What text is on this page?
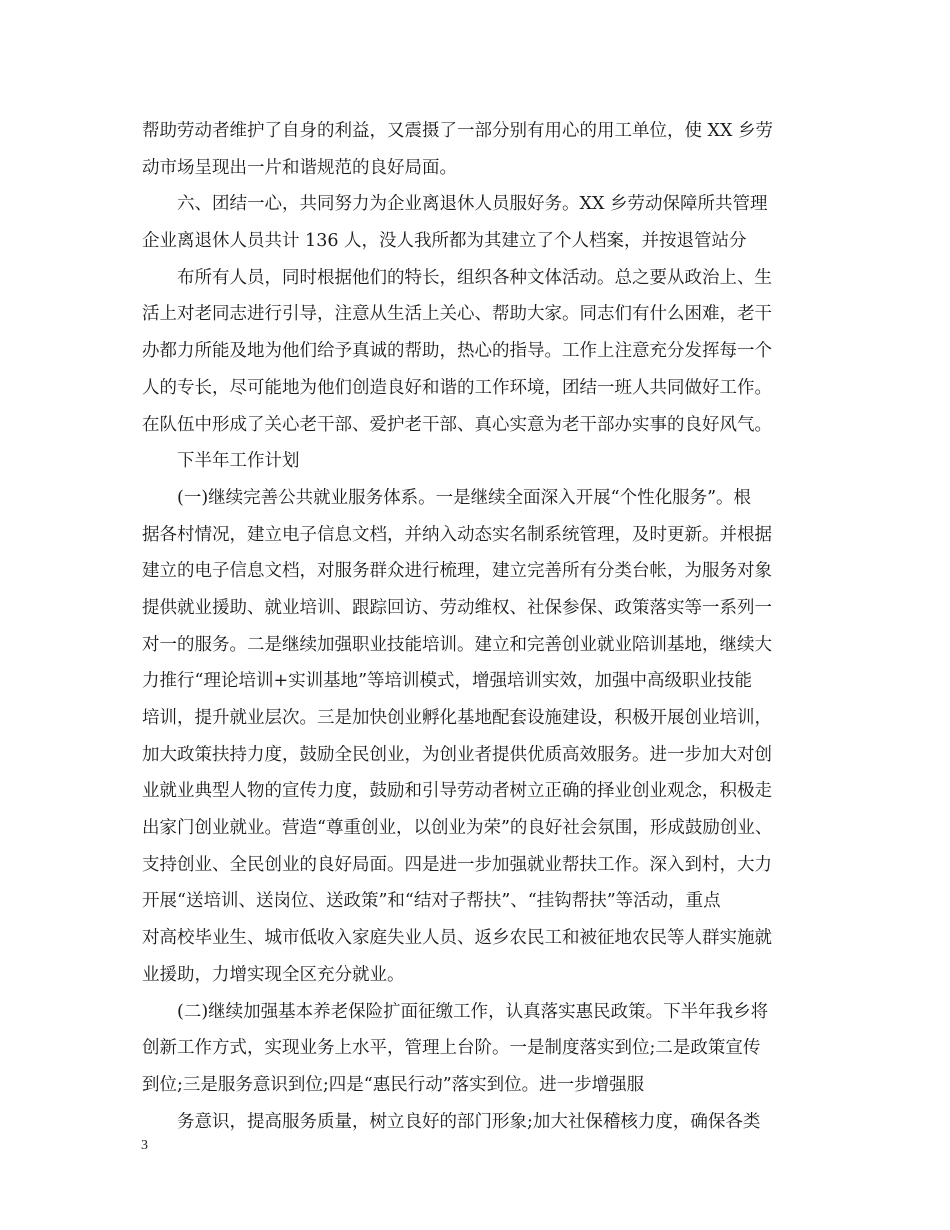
帮助劳动者维护了自身的利益，又震摄了一部分别有用心的用工单位，使 XX 乡劳
动市场呈现出一片和谐规范的良好局面。
六、团结一心，共同努力为企业离退休人员服好务。XX 乡劳动保障所共管理
企业离退休人员共计 136 人，没人我所都为其建立了个人档案，并按退管站分
布所有人员，同时根据他们的特长，组织各种文体活动。总之要从政治上、生
活上对老同志进行引导，注意从生活上关心、帮助大家。同志们有什么困难，老干
办都力所能及地为他们给予真诚的帮助，热心的指导。工作上注意充分发挥每一个
人的专长，尽可能地为他们创造良好和谐的工作环境，团结一班人共同做好工作。
在队伍中形成了关心老干部、爱护老干部、真心实意为老干部办实事的良好风气。
下半年工作计划
(一)继续完善公共就业服务体系。一是继续全面深入开展“个性化服务”。根
据各村情况，建立电子信息文档，并纳入动态实名制系统管理，及时更新。并根据
建立的电子信息文档，对服务群众进行梳理，建立完善所有分类台帐，为服务对象
提供就业援助、就业培训、跟踪回访、劳动维权、社保参保、政策落实等一系列一
对一的服务。二是继续加强职业技能培训。建立和完善创业就业陪训基地，继续大
力推行“理论培训+实训基地”等培训模式，增强培训实效，加强中高级职业技能
培训，提升就业层次。三是加快创业孵化基地配套设施建设，积极开展创业培训，
加大政策扶持力度，鼓励全民创业，为创业者提供优质高效服务。进一步加大对创
业就业典型人物的宣传力度，鼓励和引导劳动者树立正确的择业创业观念，积极走
出家门创业就业。营造“尊重创业，以创业为荣”的良好社会氛围，形成鼓励创业、
支持创业、全民创业的良好局面。四是进一步加强就业帮扶工作。深入到村，大力
开展“送培训、送岗位、送政策”和“结对子帮扶”、“挂钩帮扶”等活动，重点
对高校毕业生、城市低收入家庭失业人员、返乡农民工和被征地农民等人群实施就
业援助，力增实现全区充分就业。
(二)继续加强基本养老保险扩面征缴工作，认真落实惠民政策。下半年我乡将
创新工作方式，实现业务上水平，管理上台阶。一是制度落实到位;二是政策宣传
到位;三是服务意识到位;四是“惠民行动”落实到位。进一步增强服
务意识，提高服务质量，树立良好的部门形象;加大社保稽核力度，确保各类
3
